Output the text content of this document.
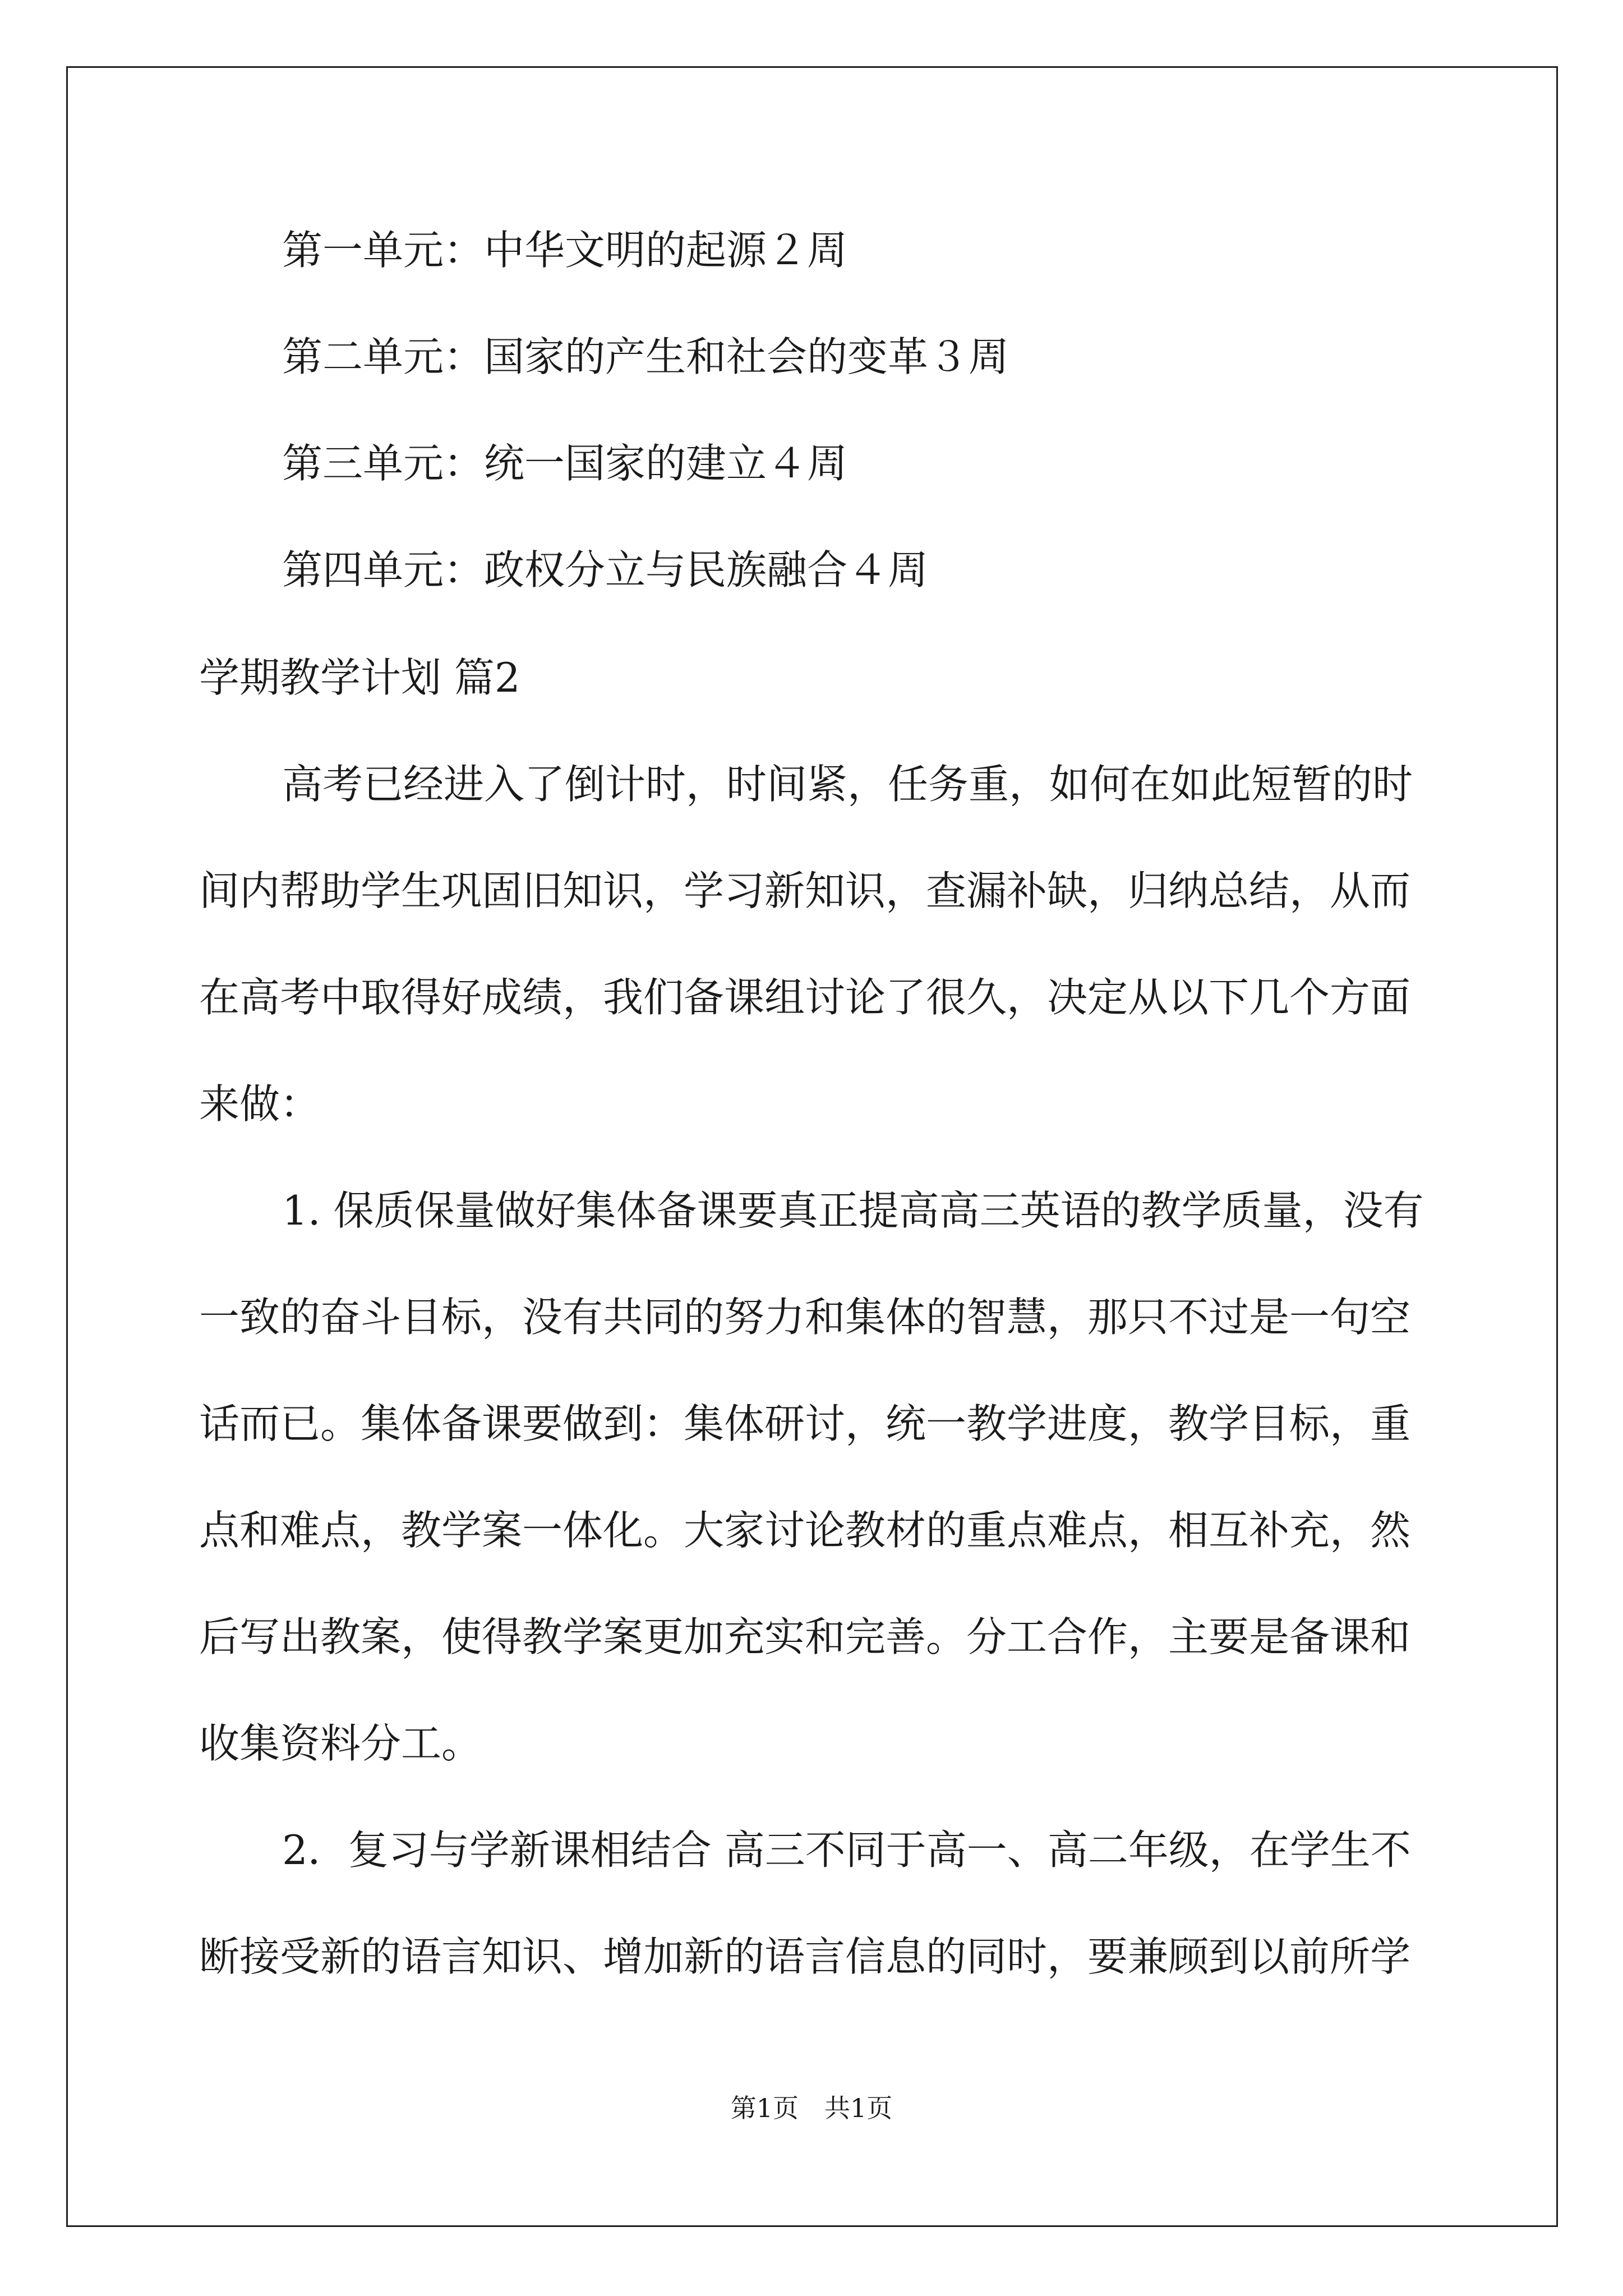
第一单元：中华文明的起源２周
第二单元：国家的产生和社会的变革３周
第三单元：统一国家的建立４周
第四单元：政权分立与民族融合４周
学期教学计划 篇2
高考已经进入了倒计时，时间紧，任务重，如何在如此短暂的时
间内帮助学生巩固旧知识，学习新知识，查漏补缺，归纳总结，从而
在高考中取得好成绩，我们备课组讨论了很久，决定从以下几个方面
来做：
1. 保质保量做好集体备课要真正提高高三英语的教学质量，没有
一致的奋斗目标，没有共同的努力和集体的智慧，那只不过是一句空
话而已。集体备课要做到：集体研讨，统一教学进度，教学目标，重
点和难点，教学案一体化。大家讨论教材的重点难点，相互补充，然
后写出教案，使得教学案更加充实和完善。分工合作，主要是备课和
收集资料分工。
2．复习与学新课相结合 高三不同于高一、高二年级，在学生不
断接受新的语言知识、增加新的语言信息的同时，要兼顾到以前所学
第1页　共1页
